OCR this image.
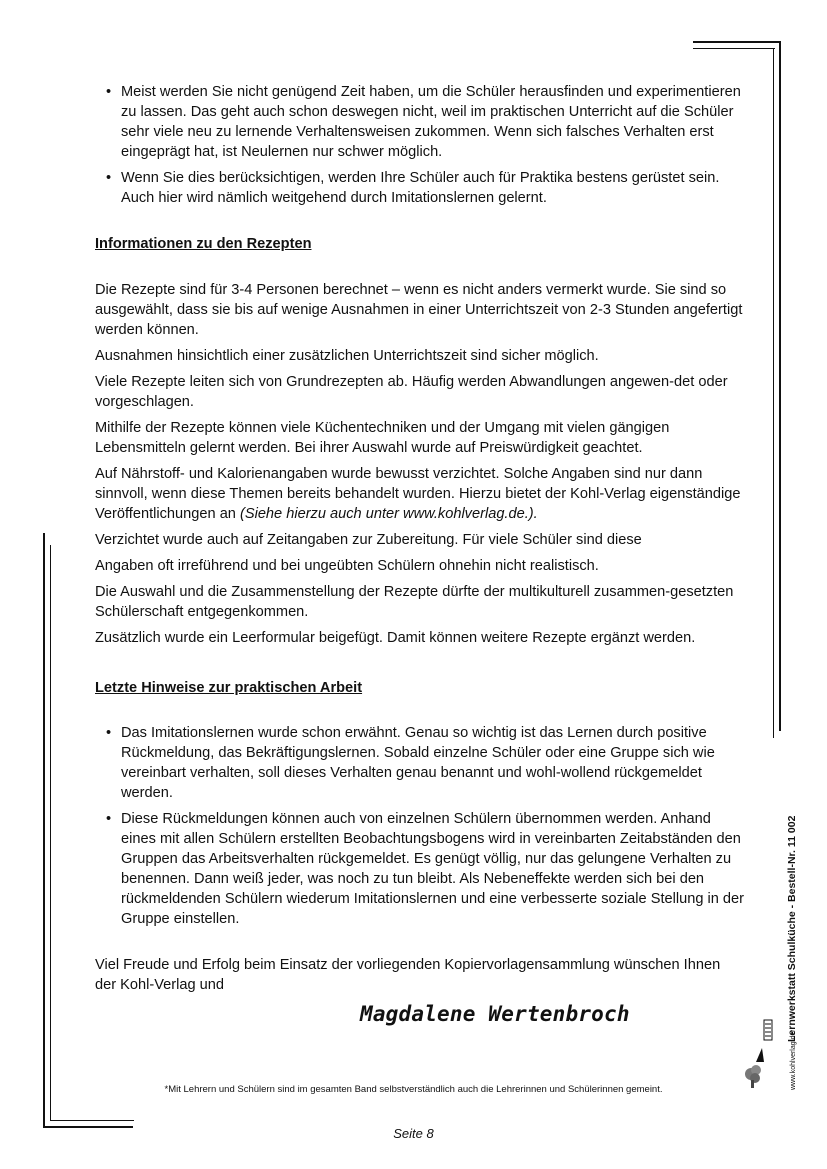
• Meist werden Sie nicht genügend Zeit haben, um die Schüler herausfinden und experimentieren zu lassen. Das geht auch schon deswegen nicht, weil im praktischen Unterricht auf die Schüler sehr viele neu zu lernende Verhaltensweisen zukommen. Wenn sich falsches Verhalten erst eingeprägt hat, ist Neulernen nur schwer möglich.
• Wenn Sie dies berücksichtigen, werden Ihre Schüler auch für Praktika bestens gerüstet sein. Auch hier wird nämlich weitgehend durch Imitationslernen gelernt.

Informationen zu den Rezepten

Die Rezepte sind für 3-4 Personen berechnet – wenn es nicht anders vermerkt wurde. Sie sind so ausgewählt, dass sie bis auf wenige Ausnahmen in einer Unterrichtszeit von 2-3 Stunden angefertigt werden können.

Ausnahmen hinsichtlich einer zusätzlichen Unterrichtszeit sind sicher möglich.

Viele Rezepte leiten sich von Grundrezepten ab. Häufig werden Abwandlungen angewen-det oder vorgeschlagen.

Mithilfe der Rezepte können viele Küchentechniken und der Umgang mit vielen gängigen Lebensmitteln gelernt werden. Bei ihrer Auswahl wurde auf Preiswürdigkeit geachtet.

Auf Nährstoff- und Kalorienangaben wurde bewusst verzichtet. Solche Angaben sind nur dann sinnvoll, wenn diese Themen bereits behandelt wurden. Hierzu bietet der Kohl-Verlag eigenständige Veröffentlichungen an (Siehe hierzu auch unter www.kohlverlag.de.).

Verzichtet wurde auch auf Zeitangaben zur Zubereitung. Für viele Schüler sind diese

Angaben oft irreführend und bei ungeübten Schülern ohnehin nicht realistisch.

Die Auswahl und die Zusammenstellung der Rezepte dürfte der multikulturell zusammen-gesetzten Schülerschaft entgegenkommen.

Zusätzlich wurde ein Leerformular beigefügt. Damit können weitere Rezepte ergänzt werden.

Letzte Hinweise zur praktischen Arbeit

• Das Imitationslernen wurde schon erwähnt. Genau so wichtig ist das Lernen durch positive Rückmeldung, das Bekräftigungslernen. Sobald einzelne Schüler oder eine Gruppe sich wie vereinbart verhalten, soll dieses Verhalten genau benannt und wohl-wollend rückgemeldet werden.
• Diese Rückmeldungen können auch von einzelnen Schülern übernommen werden. Anhand eines mit allen Schülern erstellten Beobachtungsbogens wird in vereinbarten Zeitabständen den Gruppen das Arbeitsverhalten rückgemeldet. Es genügt völlig, nur das gelungene Verhalten zu benennen. Dann weiß jeder, was noch zu tun bleibt. Als Nebeneffekte werden sich bei den rückmeldenden Schülern wiederum Imitationslernen und eine verbesserte soziale Stellung in der Gruppe einstellen.

Viel Freude und Erfolg beim Einsatz der vorliegenden Kopiervorlagensammlung wünschen Ihnen der Kohl-Verlag und

Magdalene Wertenbroch
*Mit Lehrern und Schülern sind im gesamten Band selbstverständlich auch die Lehrerinnen und Schülerinnen gemeint.
Seite 8
Lernwerkstatt Schulküche - Bestell-Nr. 11 002
www.kohlverlag.de
